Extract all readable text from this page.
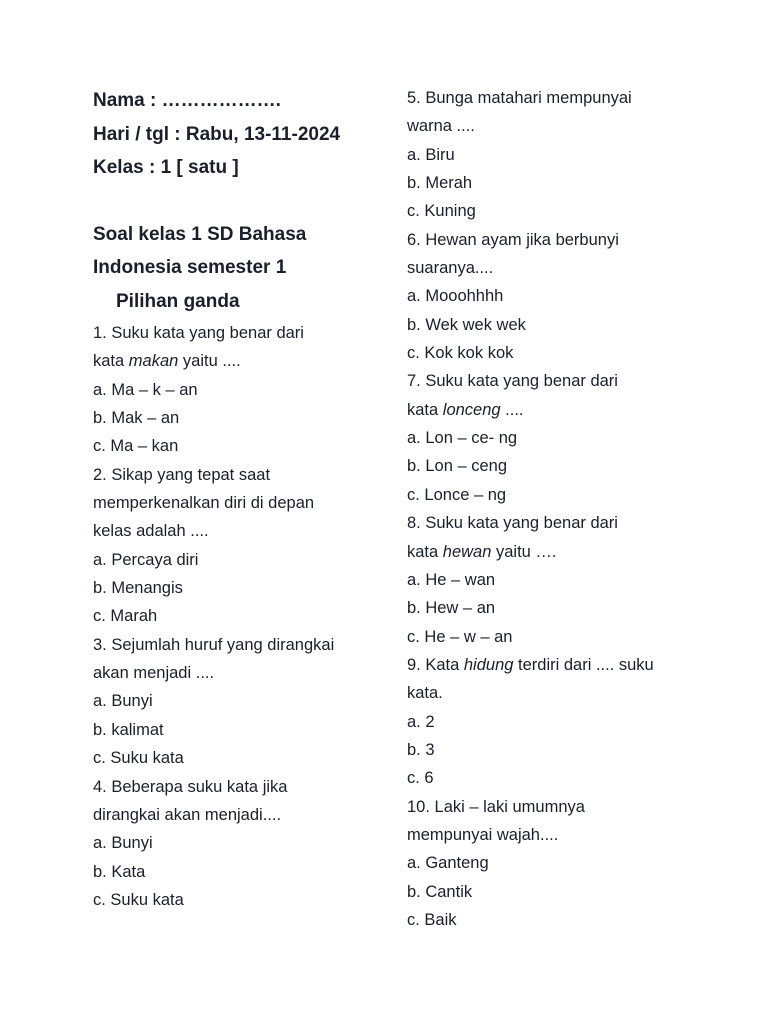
Nama : ……………….
Hari / tgl : Rabu, 13-11-2024
Kelas : 1 [ satu ]
Soal kelas 1 SD Bahasa
Indonesia semester 1
Pilihan ganda
1. Suku kata yang benar dari
kata makan yaitu ....
a. Ma – k – an
b. Mak – an
c. Ma – kan
2. Sikap yang tepat saat
memperkenalkan diri di depan
kelas adalah ....
a. Percaya diri
b. Menangis
c. Marah
3. Sejumlah huruf yang dirangkai
akan menjadi ....
a. Bunyi
b. kalimat
c. Suku kata
4. Beberapa suku kata jika
dirangkai akan menjadi....
a. Bunyi
b. Kata
c. Suku kata
5. Bunga matahari mempunyai
warna ....
a. Biru
b. Merah
c. Kuning
6. Hewan ayam jika berbunyi
suaranya....
a. Mooohhhh
b. Wek wek wek
c. Kok kok kok
7. Suku kata yang benar dari
kata lonceng ....
a. Lon – ce- ng
b. Lon – ceng
c. Lonce – ng
8. Suku kata yang benar dari
kata hewan yaitu ….
a. He – wan
b. Hew – an
c. He – w – an
9. Kata hidung terdiri dari .... suku
kata.
a. 2
b. 3
c. 6
10. Laki – laki umumnya
mempunyai wajah....
a. Ganteng
b. Cantik
c. Baik
